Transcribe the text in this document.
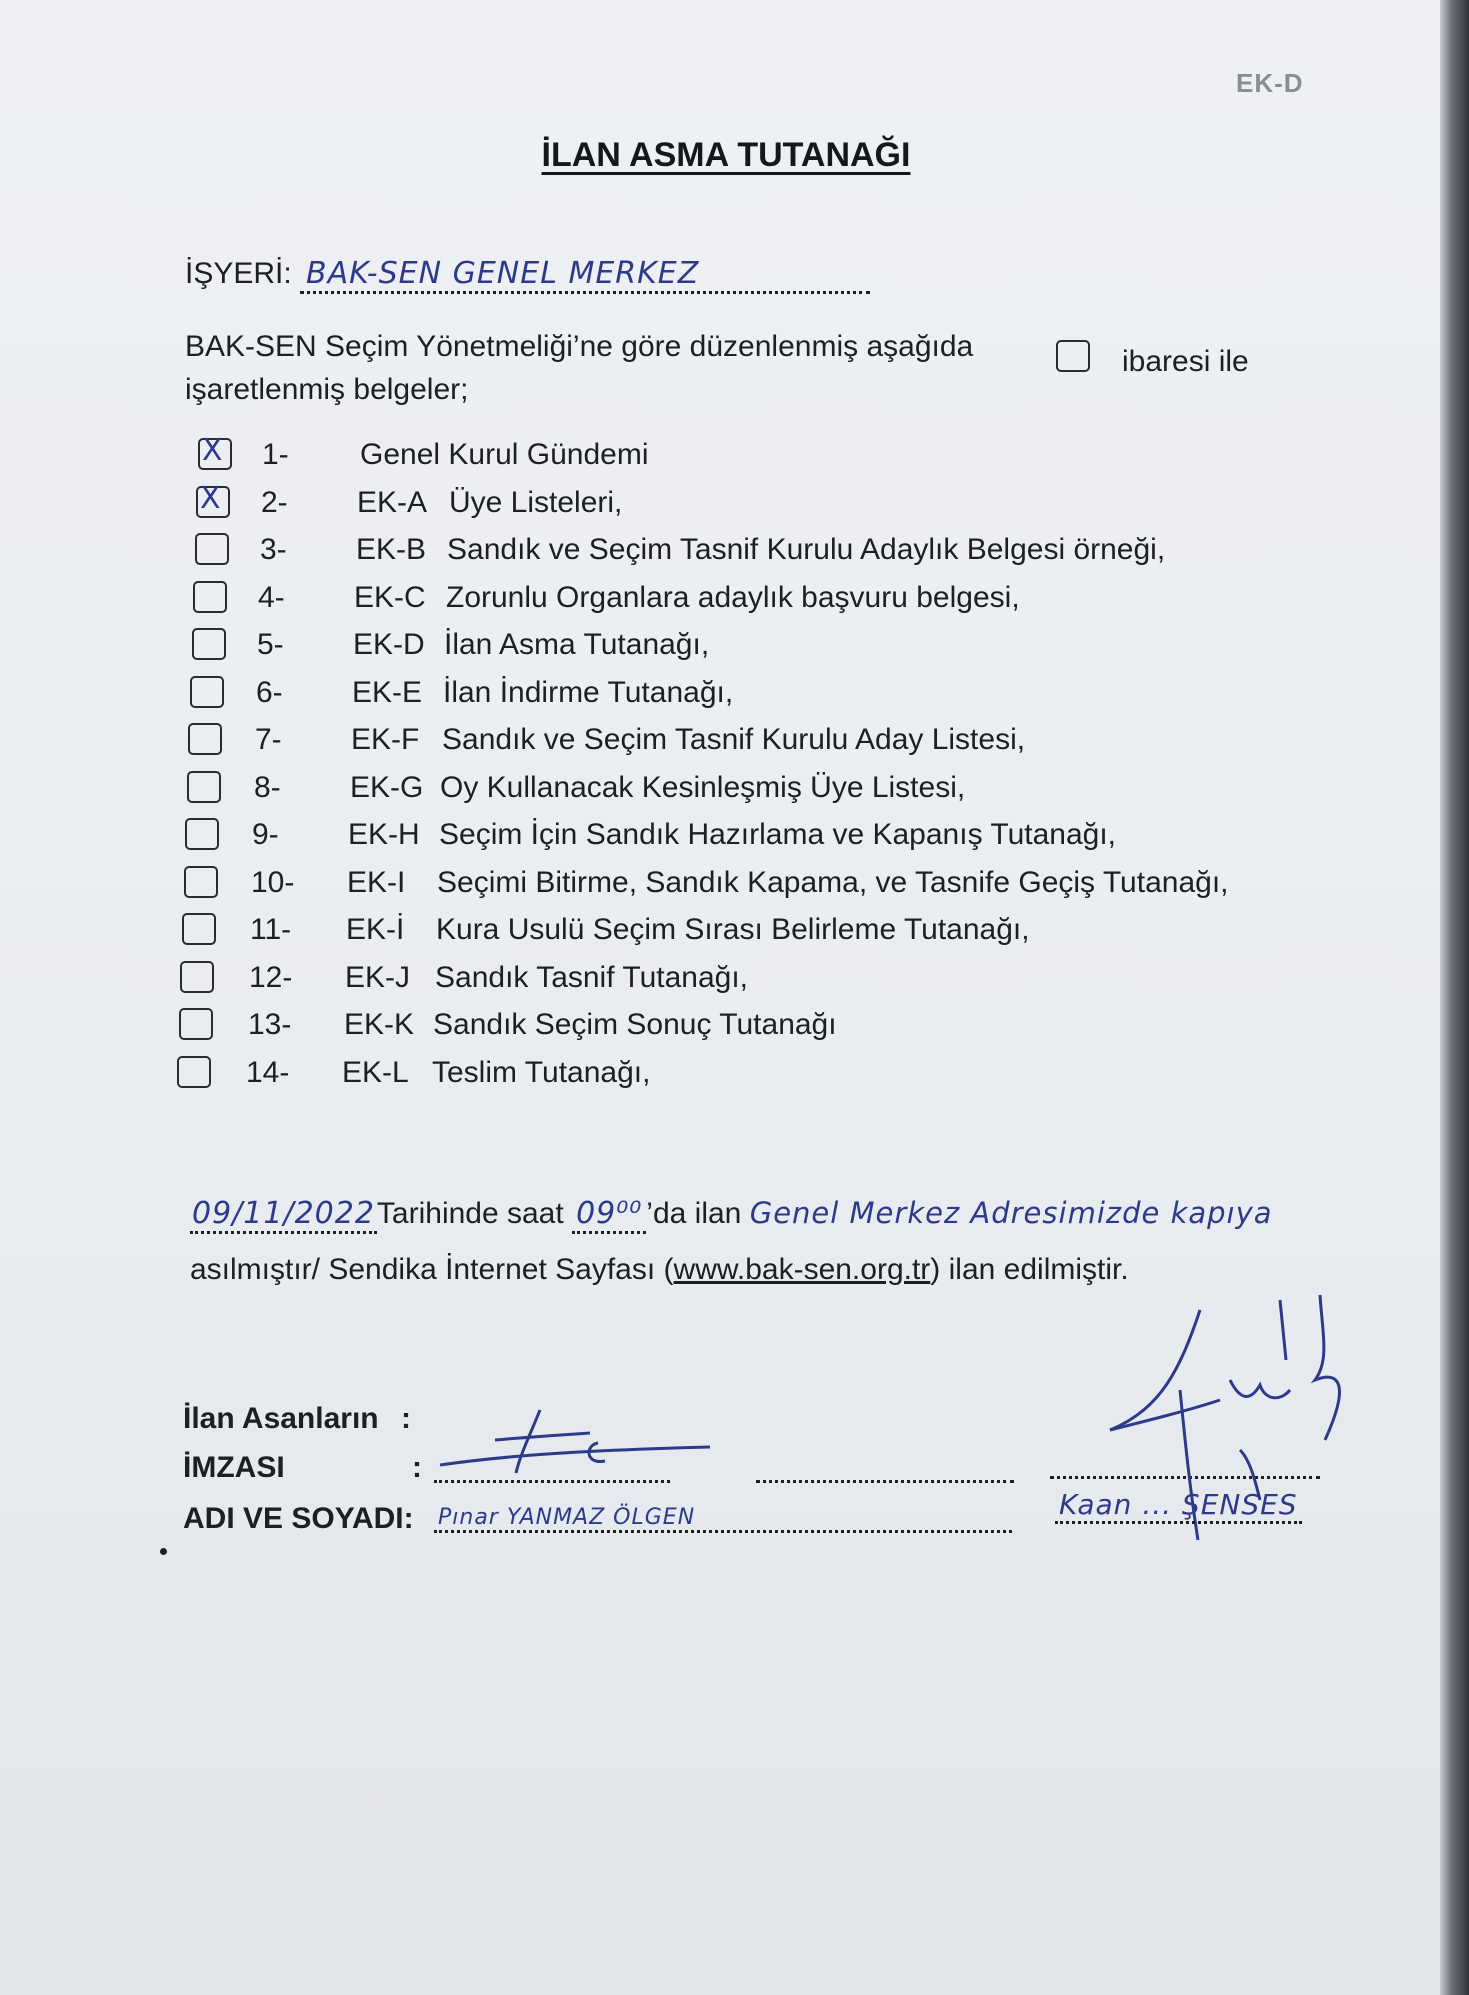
EK-D
İLAN ASMA TUTANAĞI
İŞYERİ: BAK-SEN GENEL MERKEZ
BAK-SEN Seçim Yönetmeliği’ne göre düzenlenmiş aşağıda	ibaresi ile
işaretlenmiş belgeler;
X 1- Genel Kurul Gündemi
X 2- EK-A Üye Listeleri,
3- EK-B Sandık ve Seçim Tasnif Kurulu Adaylık Belgesi örneği,
4- EK-C Zorunlu Organlara adaylık başvuru belgesi,
5- EK-D İlan Asma Tutanağı,
6- EK-E İlan İndirme Tutanağı,
7- EK-F Sandık ve Seçim Tasnif Kurulu Aday Listesi,
8- EK-G Oy Kullanacak Kesinleşmiş Üye Listesi,
9- EK-H Seçim İçin Sandık Hazırlama ve Kapanış Tutanağı,
10- EK-I Seçimi Bitirme, Sandık Kapama, ve Tasnife Geçiş Tutanağı,
11- EK-İ Kura Usulü Seçim Sırası Belirleme Tutanağı,
12- EK-J Sandık Tasnif Tutanağı,
13- EK-K Sandık Seçim Sonuç Tutanağı
14- EK-L Teslim Tutanağı,
09/11/2022Tarihinde saat 09⁰⁰ ’da ilan Genel Merkez Adresimizde kapıya
asılmıştır/ Sendika İnternet Sayfası (www.bak-sen.org.tr) ilan edilmiştir.
İlan Asanların :
İMZASI	:
ADI VE SOYADI: Pınar YANMAZ ÖLGEN	Kaan ... ŞENSES
